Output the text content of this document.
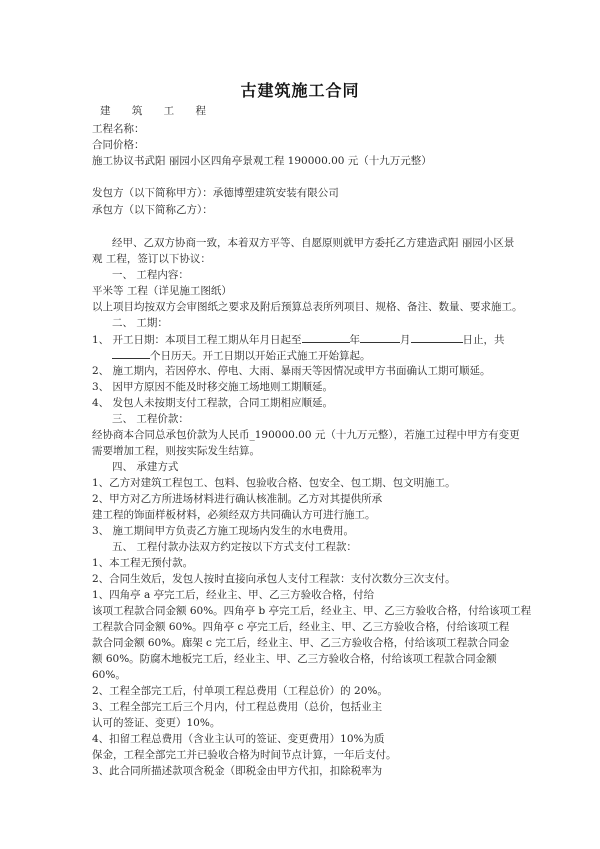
古建筑施工合同
建 筑 工 程
工程名称：
合同价格：
施工协议书武阳 丽园小区四角亭景观工程 190000.00 元（十九万元整）
发包方（以下简称甲方）：承德博塑建筑安装有限公司
承包方（以下简称乙方）：
经甲、乙双方协商一致，本着双方平等、自愿原则就甲方委托乙方建造武阳 丽园小区景
观 工程，签订以下协议：
一、 工程内容：
平米等 工程（详见施工图纸）
以上项目均按双方会审图纸之要求及附后预算总表所列项目、规格、备注、数量、要求施工。
二、 工期：
1、 开工日期：本项目工程工期从年月日起至	年	月	日止，共
个日历天。开工日期以开始正式施工开始算起。
2、 施工期内，若因停水、停电、大雨、暴雨天等因情况或甲方书面确认工期可顺延。
3、 因甲方原因不能及时移交施工场地则工期顺延。
4、 发包人未按期支付工程款，合同工期相应顺延。
三、 工程价款：
经协商本合同总承包价款为人民币_190000.00 元（十九万元整），若施工过程中甲方有变更
需要增加工程，则按实际发生结算。
四、 承建方式
1、乙方对建筑工程包工、包料、包验收合格、包安全、包工期、包文明施工。
2、甲方对乙方所进场材料进行确认核准制。乙方对其提供所承
建工程的饰面样板材料，必须经双方共同确认方可进行施工。
3、 施工期间甲方负责乙方施工现场内发生的水电费用。
五、 工程付款办法双方约定按以下方式支付工程款：
1、本工程无预付款。
2、合同生效后，发包人按时直接向承包人支付工程款：支付次数分三次支付。
1、四角亭 a 亭完工后，经业主、甲、乙三方验收合格，付给
该项工程款合同金额 60%。四角亭 b 亭完工后，经业主、甲、乙三方验收合格，付给该项工程
工程款合同金额 60%。四角亭 c 亭完工后，经业主、甲、乙三方验收合格，付给该项工程
款合同金额 60%。廊架 c 完工后，经业主、甲、乙三方验收合格，付给该项工程款合同金
额 60%。防腐木地板完工后，经业主、甲、乙三方验收合格，付给该项工程款合同金额
60%。
2、工程全部完工后，付单项工程总费用（工程总价）的 20%。
3、工程全部完工后三个月内，付工程总费用（总价，包括业主
认可的签证、变更）10%。
4、扣留工程总费用（含业主认可的签证、变更费用）10%为质
保金，工程全部完工并已验收合格为时间节点计算，一年后支付。
3、此合同所描述款项含税金（即税金由甲方代扣，扣除税率为
